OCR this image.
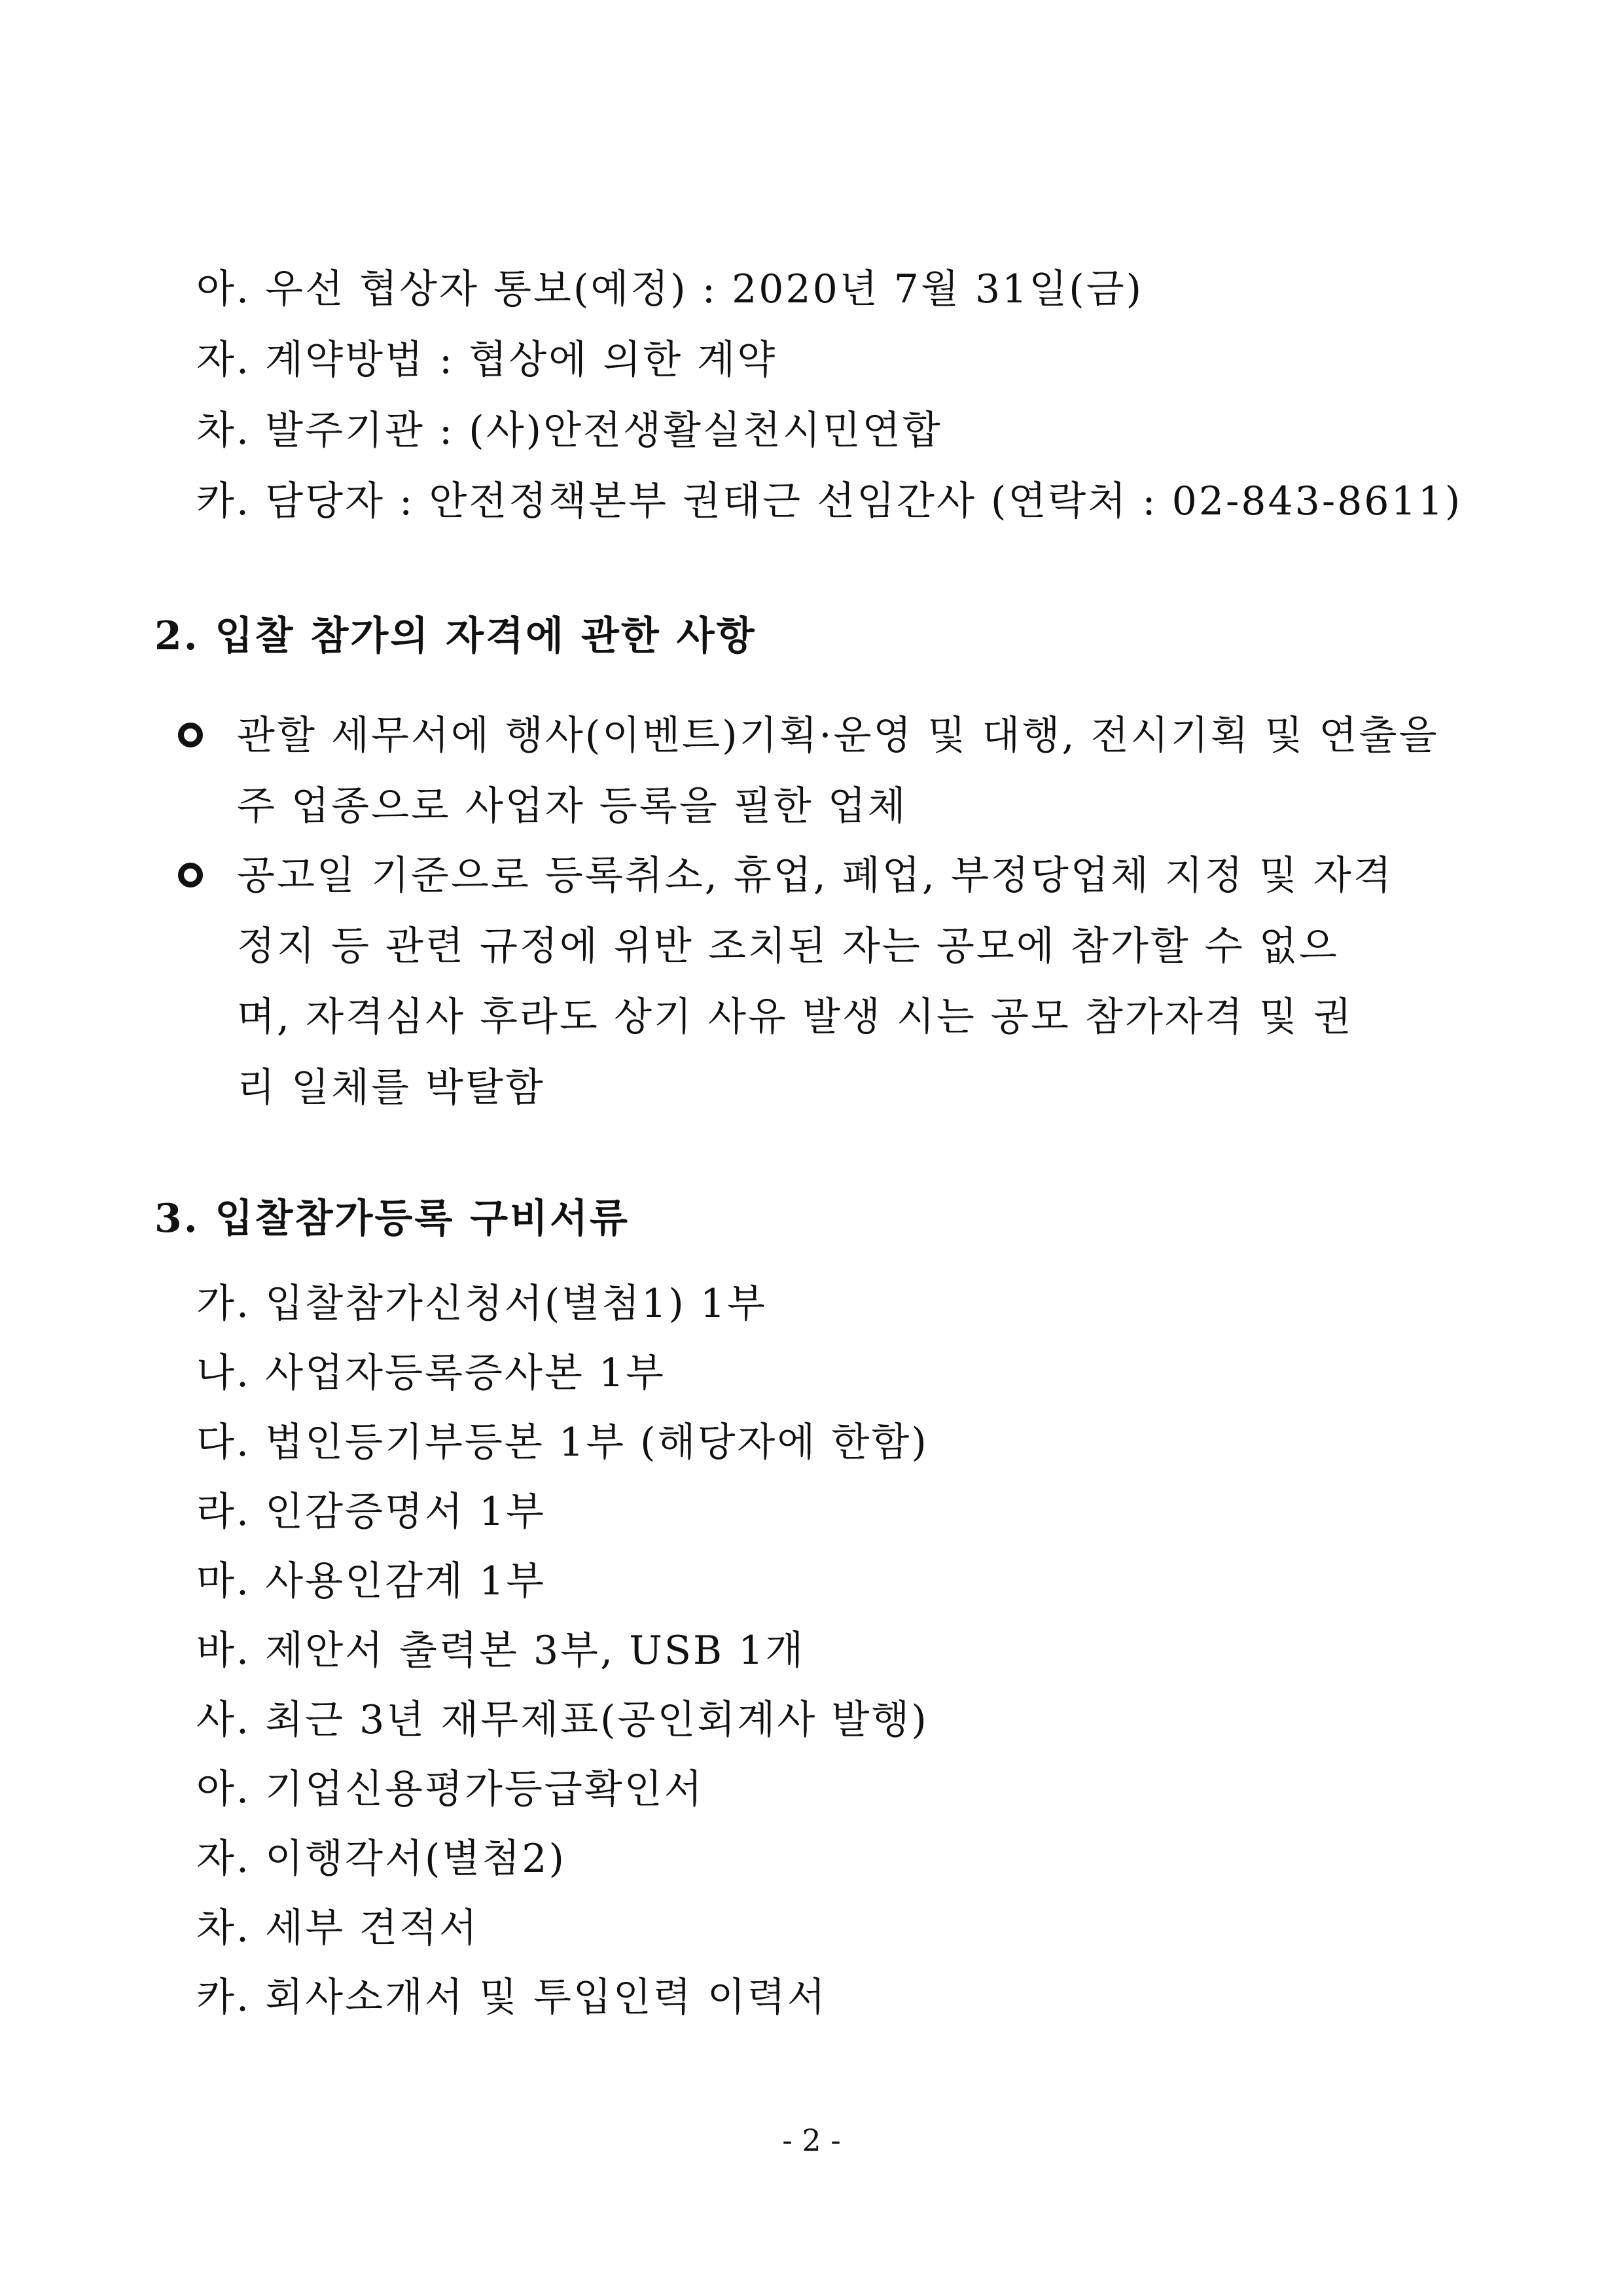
아. 우선 협상자 통보(예정) : 2020년 7월 31일(금)
자. 계약방법 : 협상에 의한 계약
차. 발주기관 : (사)안전생활실천시민연합
카. 담당자 : 안전정책본부 권태근 선임간사 (연락처 : 02-843-8611)
2. 입찰 참가의 자격에 관한 사항
관할 세무서에 행사(이벤트)기획·운영 및 대행, 전시기획 및 연출을
주 업종으로 사업자 등록을 필한 업체
공고일 기준으로 등록취소, 휴업, 폐업, 부정당업체 지정 및 자격
정지 등 관련 규정에 위반 조치된 자는 공모에 참가할 수 없으
며, 자격심사 후라도 상기 사유 발생 시는 공모 참가자격 및 권
리 일체를 박탈함
3. 입찰참가등록 구비서류
가. 입찰참가신청서(별첨1) 1부
나. 사업자등록증사본 1부
다. 법인등기부등본 1부 (해당자에 한함)
라. 인감증명서 1부
마. 사용인감계 1부
바. 제안서 출력본 3부, USB 1개
사. 최근 3년 재무제표(공인회계사 발행)
아. 기업신용평가등급확인서
자. 이행각서(별첨2)
차. 세부 견적서
카. 회사소개서 및 투입인력 이력서
- 2 -
